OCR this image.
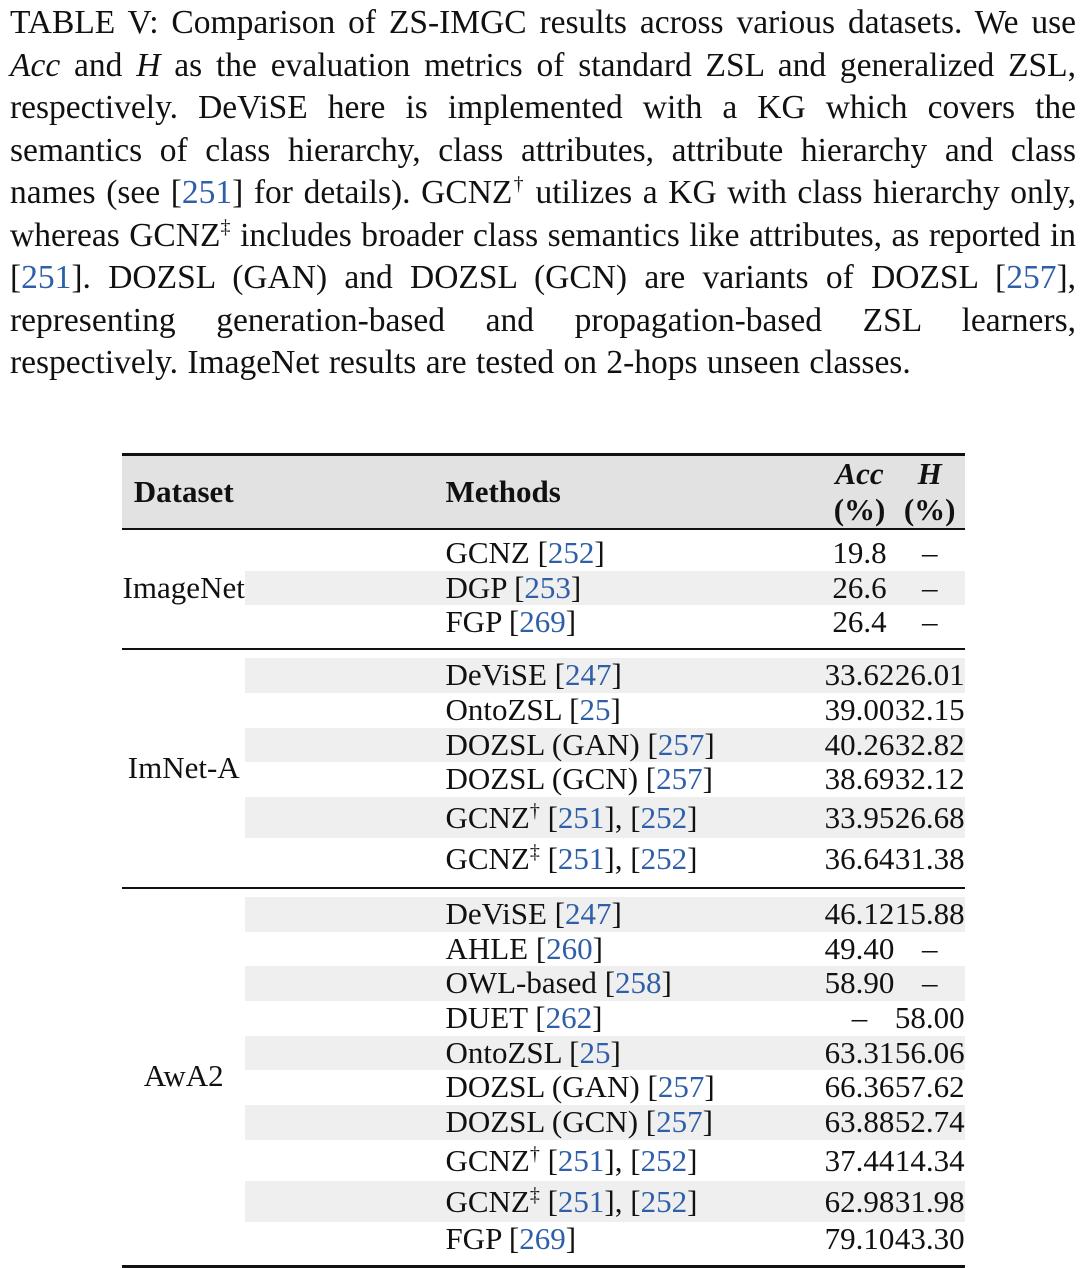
TABLE V: Comparison of ZS-IMGC results across various datasets. We use Acc and H as the evaluation metrics of standard ZSL and generalized ZSL, respectively. DeViSE here is implemented with a KG which covers the semantics of class hierarchy, class attributes, attribute hierarchy and class names (see [251] for details). GCNZ† utilizes a KG with class hierarchy only, whereas GCNZ‡ includes broader class semantics like attributes, as reported in [251]. DOZSL (GAN) and DOZSL (GCN) are variants of DOZSL [257], representing generation-based and propagation-based ZSL learners, respectively. ImageNet results are tested on 2-hops unseen classes.
Dataset	Methods	Acc (%)	H (%)

ImageNet	GCNZ [252]	19.8	–
	DGP [253]	26.6	–
	FGP [269]	26.4	–

ImNet-A	DeViSE [247]	33.62	26.01
	OntoZSL [25]	39.00	32.15
	DOZSL (GAN) [257]	40.26	32.82
	DOZSL (GCN) [257]	38.69	32.12
	GCNZ† [251], [252]	33.95	26.68
	GCNZ‡ [251], [252]	36.64	31.38

AwA2	DeViSE [247]	46.12	15.88
	AHLE [260]	49.40	–
	OWL-based [258]	58.90	–
	DUET [262]	–	58.00
	OntoZSL [25]	63.31	56.06
	DOZSL (GAN) [257]	66.36	57.62
	DOZSL (GCN) [257]	63.88	52.74
	GCNZ† [251], [252]	37.44	14.34
	GCNZ‡ [251], [252]	62.98	31.98
	FGP [269]	79.10	43.30
